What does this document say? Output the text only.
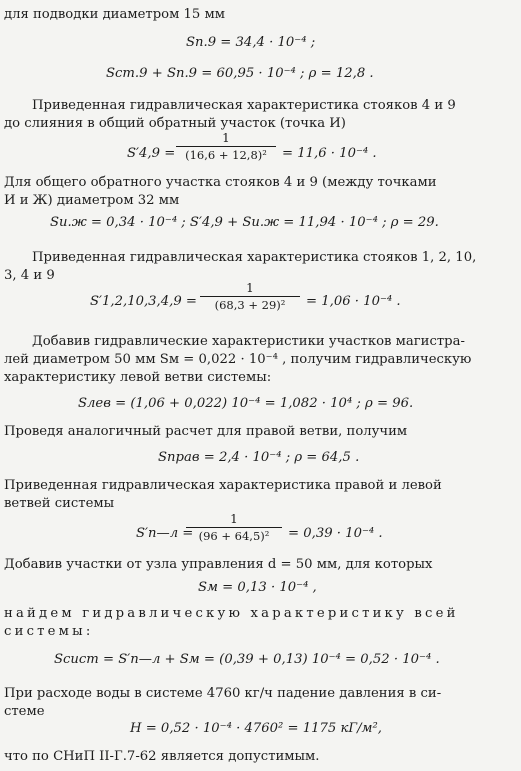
для подводки диаметром 15 мм
Sп.9 = 34,4 · 10⁻⁴ ;
Sст.9 + Sп.9 = 60,95 · 10⁻⁴ ; ρ = 12,8 .
Приведенная гидравлическая характеристика стояков 4 и 9
до слияния в общий обратный участок (точка И)
$S'4,9 = \frac{1}{\text{(16,6 + 12,8)²}} = 11,6 \cdot 10^{-4}$ .
Для общего обратного участка стояков 4 и 9 (между точками
И и Ж) диаметром 32 мм
Sи.ж = 0,34 · 10⁻⁴ ; S′4,9 + Sи.ж = 11,94 · 10⁻⁴ ; ρ = 29.
Приведенная гидравлическая характеристика стояков 1, 2, 10,
3, 4 и 9
$S'1,2,10,3,4,9 = \frac{1}{\text{(68,3 + 29)²}} = 1,06 \cdot 10^{-4}$ .
Добавив гидравлические характеристики участков магистра-
лей диаметром 50 мм Sм = 0,022 · 10⁻⁴ , получим гидравлическую
характеристику левой ветви системы:
Sлев = (1,06 + 0,022) 10⁻⁴ = 1,082 · 10⁴ ; ρ = 96.
Проведя аналогичный расчет для правой ветви, получим
Sправ = 2,4 · 10⁻⁴ ; ρ = 64,5 .
Приведенная гидравлическая характеристика правой и левой
ветвей системы
S′п—л =
$\frac{1}{\text{(96 + 64,5)²}} = 0,39 \cdot 10^{-4}$ .
Добавив участки от узла управления d = 50 мм, для которых
Sм = 0,13 · 10⁻⁴ ,
найдем гидравлическую характеристику всей
системы:
Sсист = S′п—л + Sм = (0,39 + 0,13) 10⁻⁴ = 0,52 · 10⁻⁴ .
При расходе воды в системе 4760 кг/ч падение давления в си-
стеме
H = 0,52 · 10⁻⁴ · 4760² = 1175 кГ/м²,
что по СНиП II-Г.7-62 является допустимым.
